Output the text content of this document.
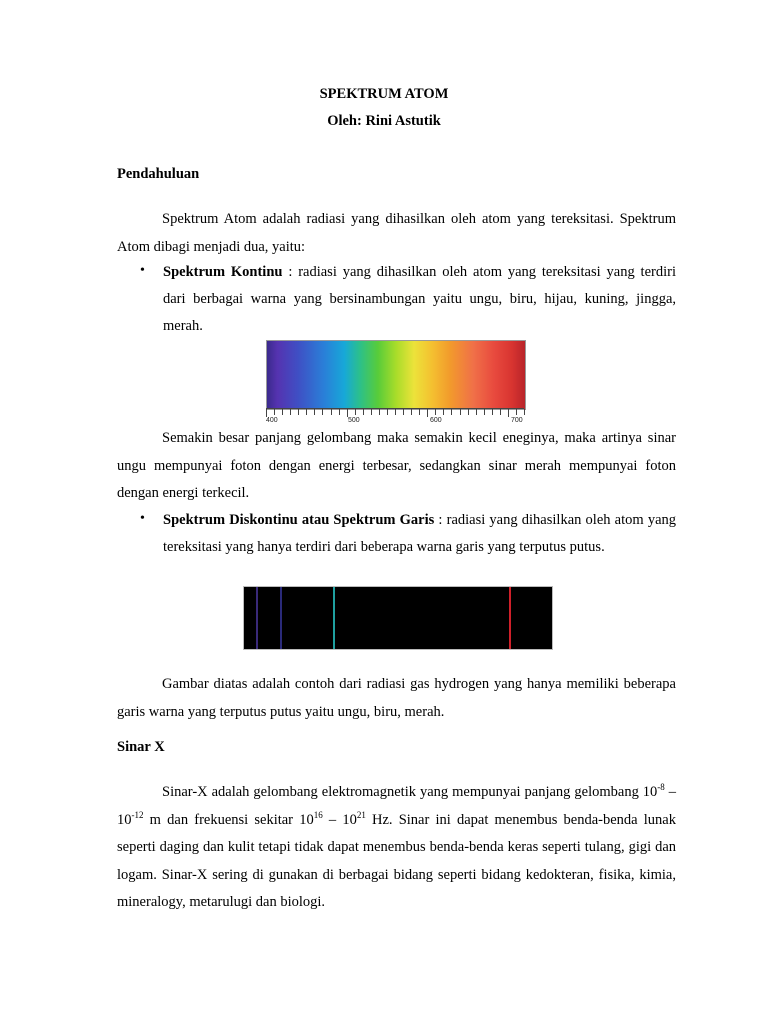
SPEKTRUM ATOM
Oleh: Rini Astutik
Pendahuluan
Spektrum Atom adalah radiasi yang dihasilkan oleh atom yang tereksitasi. Spektrum Atom dibagi menjadi dua, yaitu:
• Spektrum Kontinu : radiasi yang dihasilkan oleh atom yang tereksitasi yang terdiri dari berbagai warna yang bersinambungan yaitu ungu, biru, hijau, kuning, jingga, merah.
400	500	600	700
Semakin besar panjang gelombang maka semakin kecil eneginya, maka artinya sinar ungu mempunyai foton dengan energi terbesar, sedangkan sinar merah mempunyai foton dengan energi terkecil.
• Spektrum Diskontinu atau Spektrum Garis : radiasi yang dihasilkan oleh atom yang tereksitasi yang hanya terdiri dari beberapa warna garis yang terputus putus.
Gambar diatas adalah contoh dari radiasi gas hydrogen yang hanya memiliki beberapa garis warna yang terputus putus yaitu ungu, biru, merah.
Sinar X
Sinar-X adalah gelombang elektromagnetik yang mempunyai panjang gelombang $10^{-8} - 10^{-12}$ m dan frekuensi sekitar $10^{16} - 10^{21}$ Hz. Sinar ini dapat menembus benda-benda lunak seperti daging dan kulit tetapi tidak dapat menembus benda-benda keras seperti tulang, gigi dan logam. Sinar-X sering di gunakan di berbagai bidang seperti bidang kedokteran, fisika, kimia, mineralogy, metarulugi dan biologi.
